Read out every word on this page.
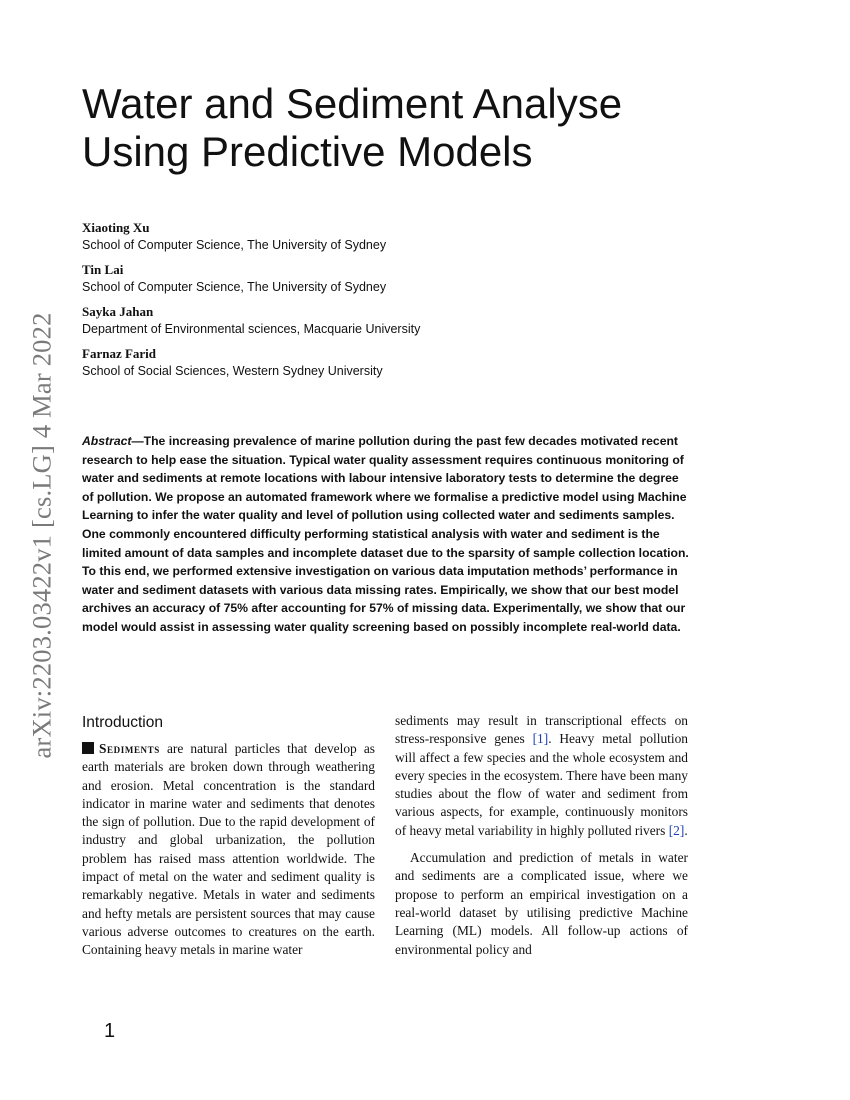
arXiv:2203.03422v1 [cs.LG] 4 Mar 2022
Water and Sediment Analyse
Using Predictive Models
Xiaoting Xu
School of Computer Science, The University of Sydney
Tin Lai
School of Computer Science, The University of Sydney
Sayka Jahan
Department of Environmental sciences, Macquarie University
Farnaz Farid
School of Social Sciences, Western Sydney University

Abstract—The increasing prevalence of marine pollution during the past few decades motivated recent research to help ease the situation. Typical water quality assessment requires continuous monitoring of water and sediments at remote locations with labour intensive laboratory tests to determine the degree of pollution. We propose an automated framework where we formalise a predictive model using Machine Learning to infer the water quality and level of pollution using collected water and sediments samples. One commonly encountered difficulty performing statistical analysis with water and sediment is the limited amount of data samples and incomplete dataset due to the sparsity of sample collection location. To this end, we performed extensive investigation on various data imputation methods’ performance in water and sediment datasets with various data missing rates. Empirically, we show that our best model archives an accuracy of 75% after accounting for 57% of missing data. Experimentally, we show that our model would assist in assessing water quality screening based on possibly incomplete real-world data.

Introduction

Sediments are natural particles that develop as earth materials are broken down through weathering and erosion. Metal concentration is the standard indicator in marine water and sediments that denotes the sign of pollution. Due to the rapid development of industry and global urbanization, the pollution problem has raised mass attention worldwide. The impact of metal on the water and sediment quality is remarkably negative. Metals in water and sediments and hefty metals are persistent sources that may cause various adverse outcomes to creatures on the earth. Containing heavy metals in marine water

sediments may result in transcriptional effects on stress-responsive genes [1]. Heavy metal pollution will affect a few species and the whole ecosystem and every species in the ecosystem. There have been many studies about the flow of water and sediment from various aspects, for example, continuously monitors of heavy metal variability in highly polluted rivers [2].

Accumulation and prediction of metals in water and sediments are a complicated issue, where we propose to perform an empirical investigation on a real-world dataset by utilising predictive Machine Learning (ML) models. All follow-up actions of environmental policy and

1
